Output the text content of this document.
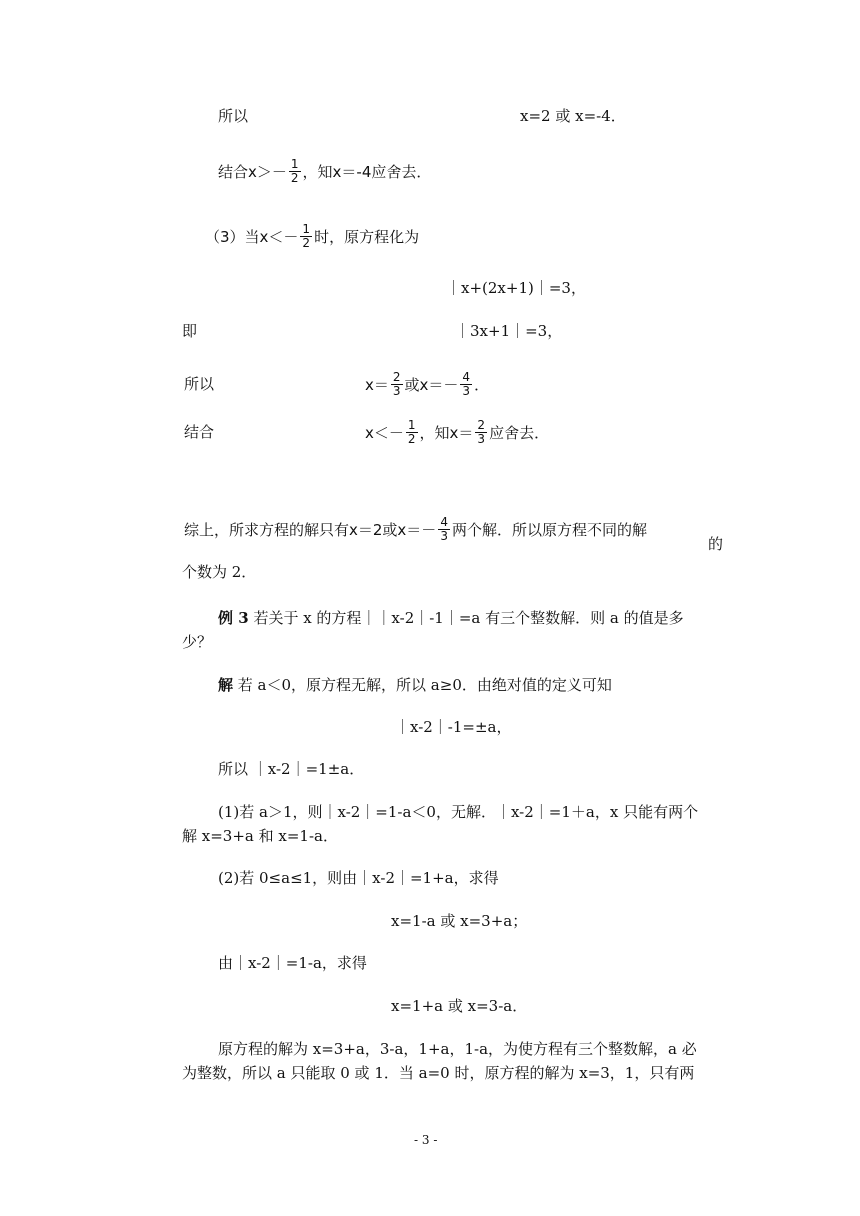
所以	x=2 或 x=-4．
结合$x>- \frac{1}{2}$ ，知x＝-4应舍去．
（3）当$x<- \frac{1}{2}$ 时，原方程化为
｜x+(2x+1)｜=3，
即	｜3x+1｜=3，
所以	$x= \frac{2}{3}$ 或$x=- \frac{4}{3}$ ．
结合	$x<- \frac{1}{2}$ ，知$x= \frac{2}{3}$ 应舍去．
综上，所求方程的解只有x＝2或$x=- \frac{4}{3}$ 两个解．所以原方程不同的解
的
个数为 2．
例 3 若关于 x 的方程｜｜x-2｜-1｜=a 有三个整数解．则 a 的值是多
少？
解 若 a＜0，原方程无解，所以 a≥0．由绝对值的定义可知
｜x-2｜-1=±a，
所以 ｜x-2｜=1±a．
(1)若 a＞1，则｜x-2｜=1-a＜0，无解．｜x-2｜=1＋a，x 只能有两个
解 x=3+a 和 x=1-a．
(2)若 0≤a≤1，则由｜x-2｜=1+a，求得
x=1-a 或 x=3+a；
由｜x-2｜=1-a，求得
x=1+a 或 x=3-a．
原方程的解为 x=3+a，3-a，1+a，1-a，为使方程有三个整数解，a 必
为整数，所以 a 只能取 0 或 1．当 a=0 时，原方程的解为 x=3，1，只有两
- 3 -
